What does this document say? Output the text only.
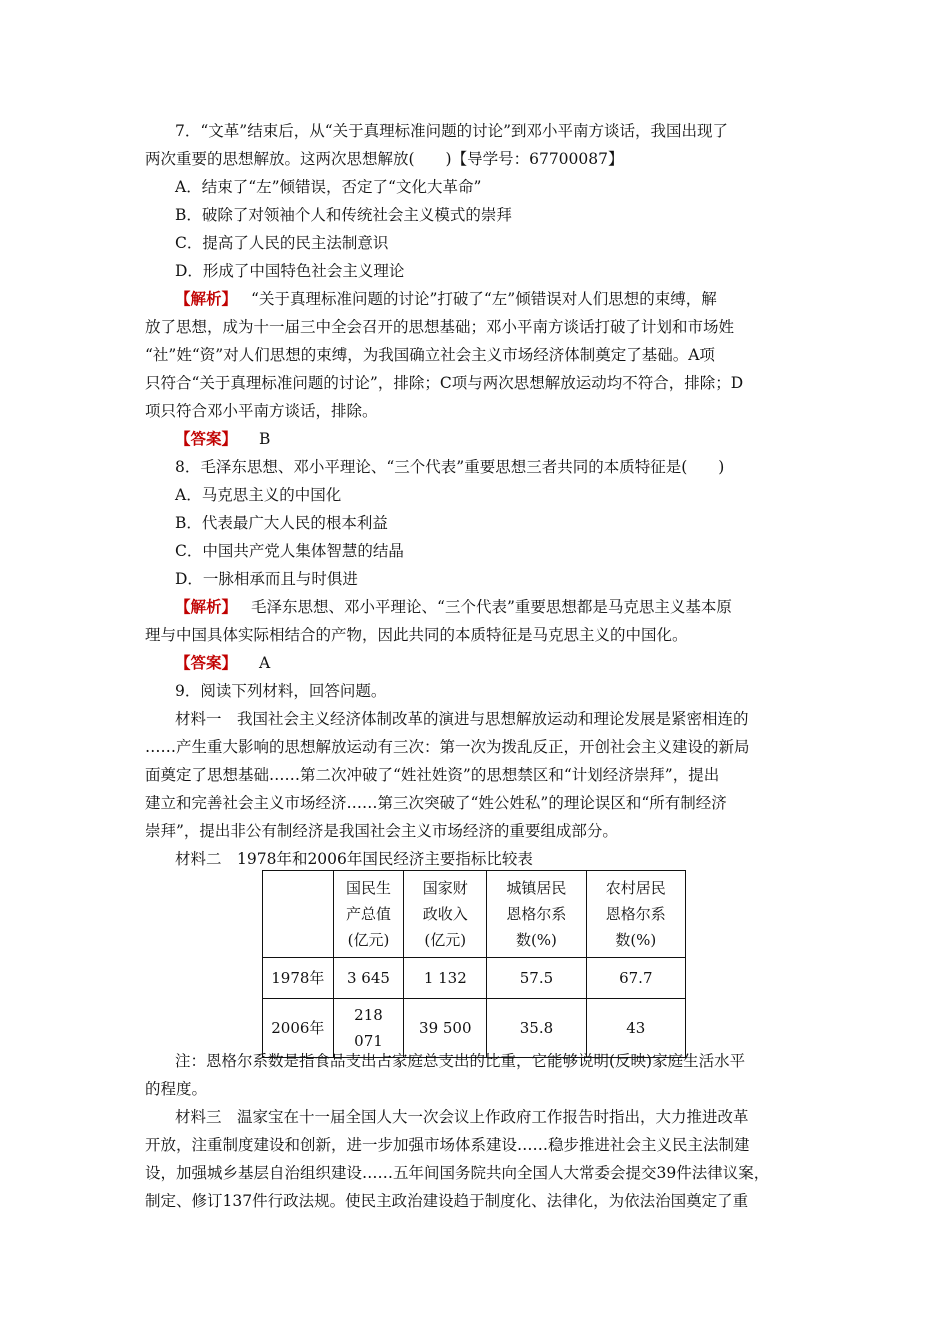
7．“文革”结束后，从“关于真理标准问题的讨论”到邓小平南方谈话，我国出现了
两次重要的思想解放。这两次思想解放(　　)【导学号：67700087】
A．结束了“左”倾错误，否定了“文化大革命”
B．破除了对领袖个人和传统社会主义模式的崇拜
C．提高了人民的民主法制意识
D．形成了中国特色社会主义理论
【解析】 “关于真理标准问题的讨论”打破了“左”倾错误对人们思想的束缚，解
放了思想，成为十一届三中全会召开的思想基础；邓小平南方谈话打破了计划和市场姓
“社”姓“资”对人们思想的束缚，为我国确立社会主义市场经济体制奠定了基础。A项
只符合“关于真理标准问题的讨论”，排除；C项与两次思想解放运动均不符合，排除；D
项只符合邓小平南方谈话，排除。
【答案】 B
8．毛泽东思想、邓小平理论、“三个代表”重要思想三者共同的本质特征是(　　)
A．马克思主义的中国化
B．代表最广大人民的根本利益
C．中国共产党人集体智慧的结晶
D．一脉相承而且与时俱进
【解析】 毛泽东思想、邓小平理论、“三个代表”重要思想都是马克思主义基本原
理与中国具体实际相结合的产物，因此共同的本质特征是马克思主义的中国化。
【答案】 A
9．阅读下列材料，回答问题。
材料一　我国社会主义经济体制改革的演进与思想解放运动和理论发展是紧密相连的
……产生重大影响的思想解放运动有三次：第一次为拨乱反正，开创社会主义建设的新局
面奠定了思想基础……第二次冲破了“姓社姓资”的思想禁区和“计划经济崇拜”，提出
建立和完善社会主义市场经济……第三次突破了“姓公姓私”的理论误区和“所有制经济
崇拜”，提出非公有制经济是我国社会主义市场经济的重要组成部分。
材料二　1978年和2006年国民经济主要指标比较表

	国民生产总值(亿元)	国家财政收入(亿元)	城镇居民恩格尔系数(%)	农村居民恩格尔系数(%)

1978年	3 645	1 132	57.5	67.7
2006年	218 071	39 500	35.8	43
注：恩格尔系数是指食品支出占家庭总支出的比重，它能够说明(反映)家庭生活水平
的程度。
材料三　温家宝在十一届全国人大一次会议上作政府工作报告时指出，大力推进改革
开放，注重制度建设和创新，进一步加强市场体系建设……稳步推进社会主义民主法制建
设，加强城乡基层自治组织建设……五年间国务院共向全国人大常委会提交39件法律议案，
制定、修订137件行政法规。使民主政治建设趋于制度化、法律化，为依法治国奠定了重
